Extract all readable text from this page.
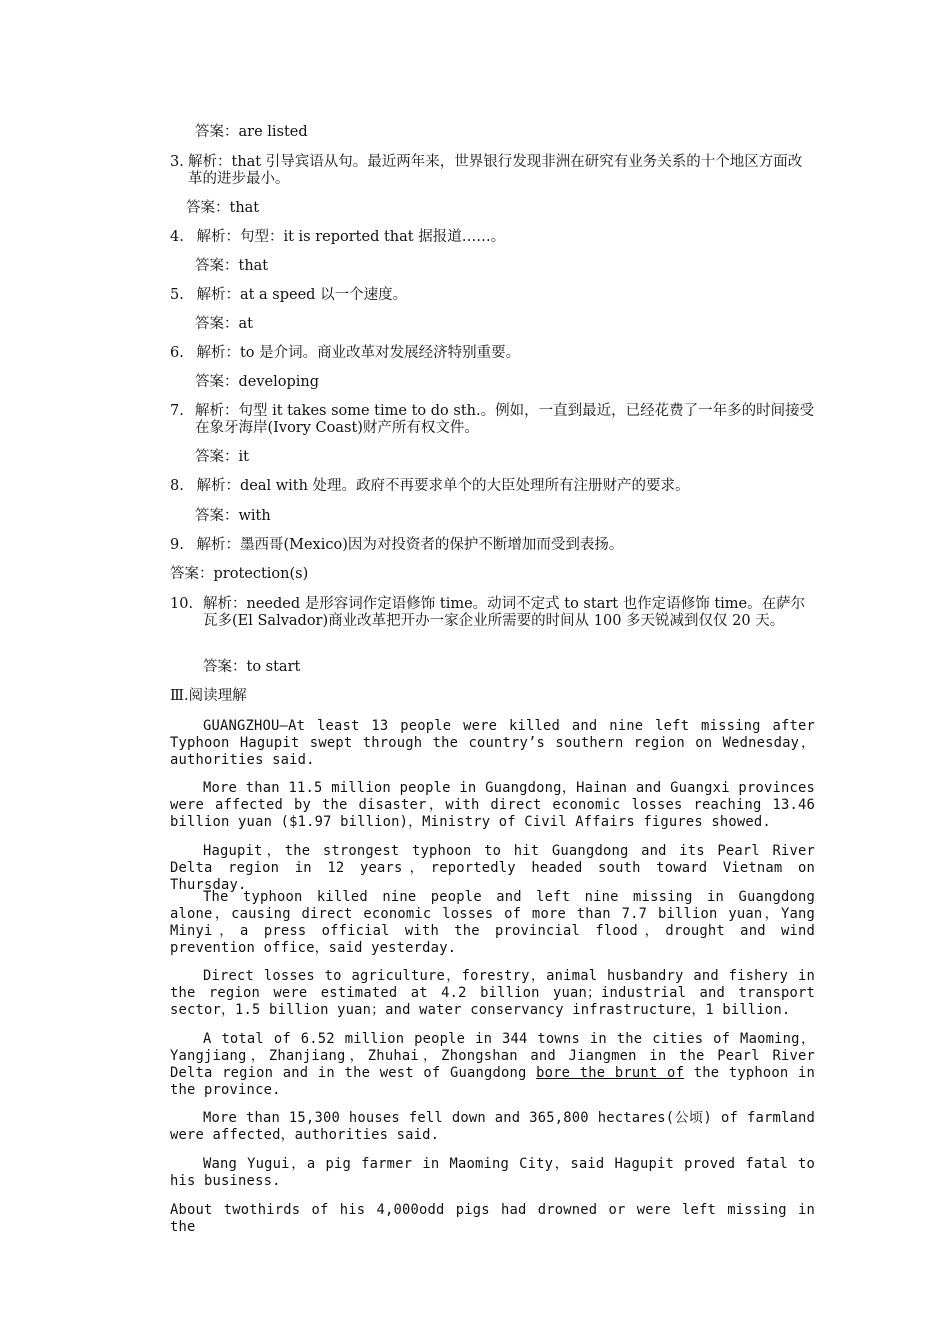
答案：are listed
3. 解析：that 引导宾语从句。最近两年来，世界银行发现非洲在研究有业务关系的十个地区方面改革的进步最小。
答案：that
4. 解析：句型：it is reported that 据报道……。
答案：that
5. 解析：at a speed 以一个速度。
答案：at
6. 解析：to 是介词。商业改革对发展经济特别重要。
答案：developing
7. 解析：句型 it takes some time to do sth.。例如，一直到最近，已经花费了一年多的时间接受在象牙海岸(Ivory Coast)财产所有权文件。
答案：it
8. 解析：deal with 处理。政府不再要求单个的大臣处理所有注册财产的要求。
答案：with
9. 解析：墨西哥(Mexico)因为对投资者的保护不断增加而受到表扬。
答案：protection(s)
10. 解析：needed 是形容词作定语修饰 time。动词不定式 to start 也作定语修饰 time。在萨尔瓦多(El Salvador)商业改革把开办一家企业所需要的时间从 100 多天锐减到仅仅 20 天。
答案：to start
Ⅲ.阅读理解
GUANGZHOU—At least 13 people were killed and nine left missing after Typhoon Hagupit swept through the country’s southern region on Wednesday，authorities said.
More than 11.5 million people in Guangdong，Hainan and Guangxi provinces were affected by the disaster，with direct economic losses reaching 13.46 billion yuan ($1.97 billion)，Ministry of Civil Affairs figures showed.
Hagupit，the strongest typhoon to hit Guangdong and its Pearl River Delta region in 12 years，reportedly headed south toward Vietnam on Thursday.
The typhoon killed nine people and left nine missing in Guangdong alone，causing direct economic losses of more than 7.7 billion yuan，Yang Minyi，a press official with the provincial flood，drought and wind prevention office，said yesterday.
Direct losses to agriculture，forestry，animal husbandry and fishery in the region were estimated at 4.2 billion yuan；industrial and transport sector，1.5 billion yuan；and water conservancy infrastructure，1 billion.
A total of 6.52 million people in 344 towns in the cities of Maoming，Yangjiang，Zhanjiang，Zhuhai，Zhongshan and Jiangmen in the Pearl River Delta region and in the west of Guangdong bore the brunt of the typhoon in the province.
More than 15,300 houses fell down and 365,800 hectares(公顷) of farmland were affected，authorities said.
Wang Yugui，a pig farmer in Maoming City，said Hagupit proved fatal to his business.
About twothirds of his 4,000odd pigs had drowned or were left missing in the
